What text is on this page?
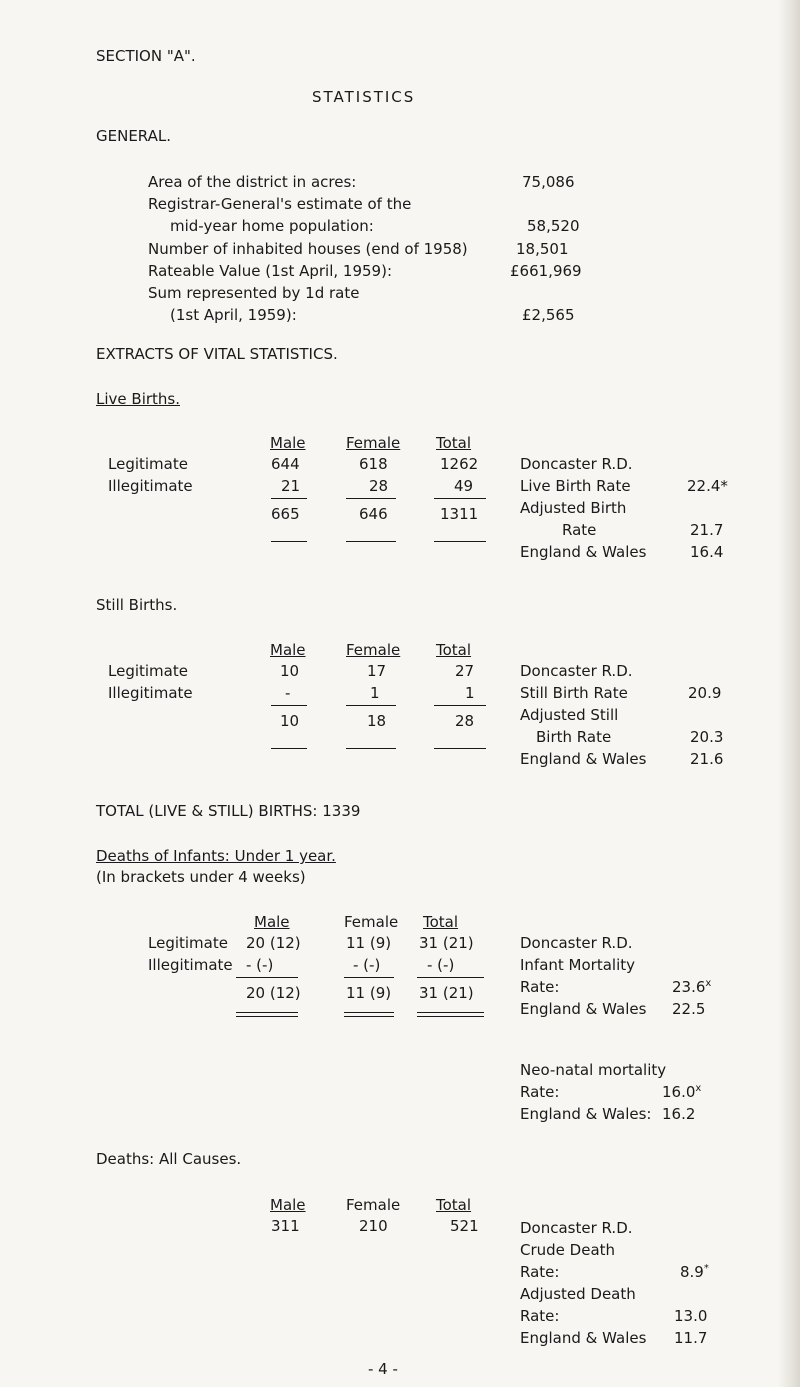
SECTION "A".
STATISTICS
GENERAL.
Area of the district in acres:	75,086
Registrar-General's estimate of the
mid-year home population:	58,520
Number of inhabited houses (end of 1958)	18,501
Rateable Value (1st April, 1959):	£661,969
Sum represented by 1d rate
(1st April, 1959):	£2,565
EXTRACTS OF VITAL STATISTICS.
Live Births.
Male	Female Total
Legitimate	644	618	1262
Illegitimate	21	28	49
665	646	1311
Doncaster R.D.
Live Birth Rate	22.4*
Adjusted Birth
Rate	21.7
England & Wales	16.4
Still Births.
Male	Female Total
Legitimate	10	17	27
Illegitimate	-	1	1
10	18	28
Doncaster R.D.
Still Birth Rate	20.9
Adjusted Still
Birth Rate	20.3
England & Wales	21.6
TOTAL (LIVE & STILL) BIRTHS: 1339
Deaths of Infants: Under 1 year.
(In brackets under 4 weeks)
Male	Female Total
Legitimate 20 (12)	11 (9) 31 (21)
Illegitimate - (-)	- (-)	- (-)
20 (12)	11 (9) 31 (21)
Doncaster R.D.
Infant Mortality
Rate:	23.6$^x$
England & Wales 22.5
Neo-natal mortality
Rate:	16.0$^x$
England & Wales: 16.2
Deaths: All Causes.
Male	Female Total
311	210	521	Doncaster R.D.
Crude Death
Rate:	8.9*
Adjusted Death
Rate:	13.0
England & Wales 11.7
- 4 -
